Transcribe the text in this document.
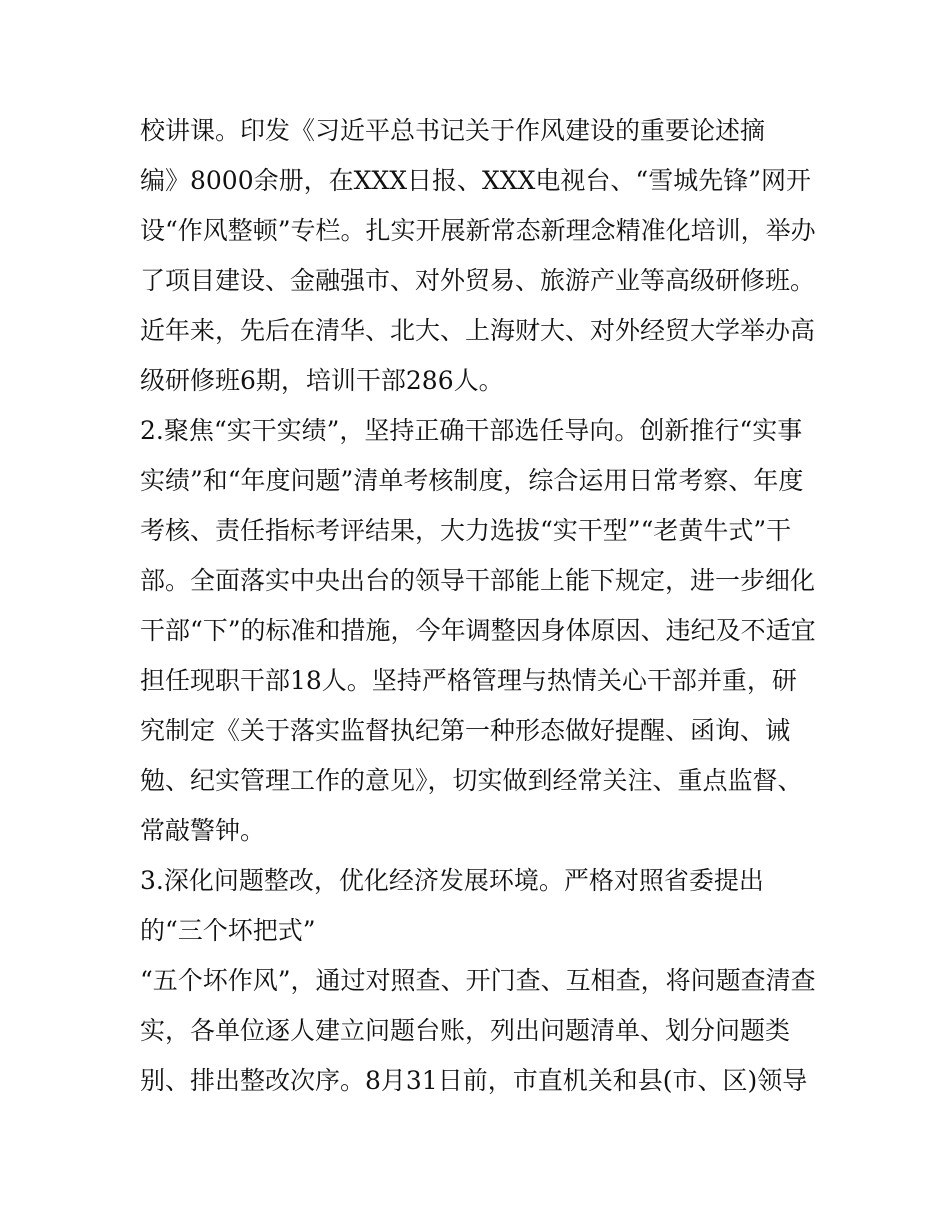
校讲课。印发《习近平总书记关于作风建设的重要论述摘
编》8000余册，在XXX日报、XXX电视台、“雪城先锋”网开
设“作风整顿”专栏。扎实开展新常态新理念精准化培训，举办
了项目建设、金融强市、对外贸易、旅游产业等高级研修班。
近年来，先后在清华、北大、上海财大、对外经贸大学举办高
级研修班6期，培训干部286人。
2.聚焦“实干实绩”，坚持正确干部选任导向。创新推行“实事
实绩”和“年度问题”清单考核制度，综合运用日常考察、年度
考核、责任指标考评结果，大力选拔“实干型”“老黄牛式”干
部。全面落实中央出台的领导干部能上能下规定，进一步细化
干部“下”的标准和措施，今年调整因身体原因、违纪及不适宜
担任现职干部18人。坚持严格管理与热情关心干部并重，研
究制定《关于落实监督执纪第一种形态做好提醒、函询、诫
勉、纪实管理工作的意见》，切实做到经常关注、重点监督、
常敲警钟。
3.深化问题整改，优化经济发展环境。严格对照省委提出
的“三个坏把式”
“五个坏作风”，通过对照查、开门查、互相查，将问题查清查
实，各单位逐人建立问题台账，列出问题清单、划分问题类
别、排出整改次序。8月31日前，市直机关和县(市、区)领导
